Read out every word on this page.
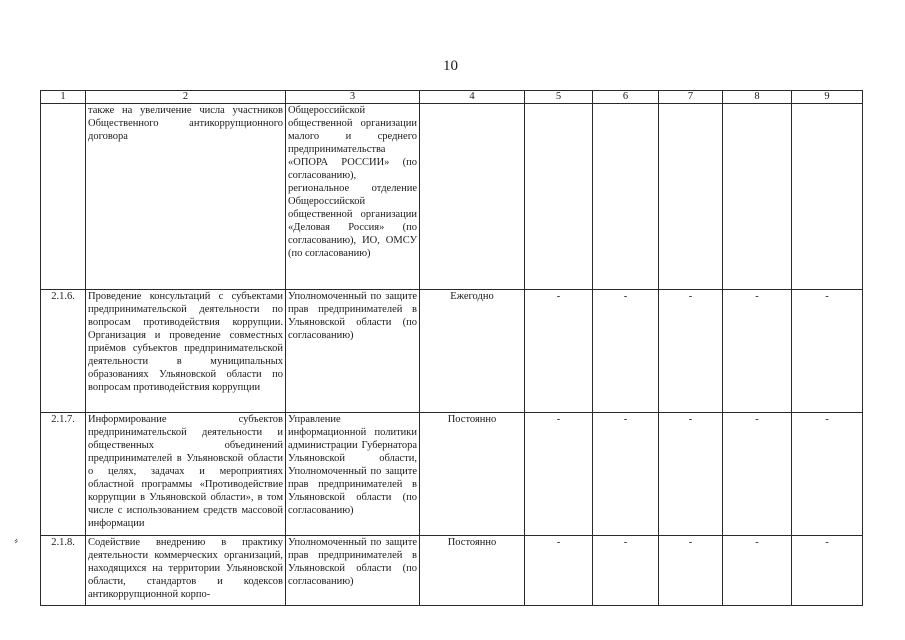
10
1	2	3	4	5	6	7	8	9
	также на увеличение числа участников Общественного антикоррупционного договора	Общероссийской общественной организации малого и среднего предпринимательства «ОПОРА РОССИИ» (по согласованию), региональное отделение Общероссийской общественной организации «Деловая Россия» (по согласованию), ИО, ОМСУ (по согласованию)						
2.1.6.	Проведение консультаций с субъектами предпринимательской деятельности по вопросам противодействия коррупции. Организация и проведение совместных приёмов субъектов предпринимательской деятельности в муниципальных образованиях Ульяновской области по вопросам противодействия коррупции	Уполномоченный по защите прав предпринимателей в Ульяновской области (по согласованию)	Ежегодно	-	-	-	-	-
2.1.7.	Информирование субъектов предпринимательской деятельности и общественных объединений предпринимателей в Ульяновской области о целях, задачах и мероприятиях областной программы «Противодействие коррупции в Ульяновской области», в том числе с использованием средств массовой информации	Управление информационной политики администрации Губернатора Ульяновской области, Уполномоченный по защите прав предпринимателей в Ульяновской области (по согласованию)	Постоянно	-	-	-	-	-
2.1.8.	Содействие внедрению в практику деятельности коммерческих организаций, находящихся на территории Ульяновской области, стандартов и кодексов антикоррупционной корпо-	Уполномоченный по защите прав предпринимателей в Ульяновской области (по согласованию)	Постоянно	-	-	-	-	-
⸗
